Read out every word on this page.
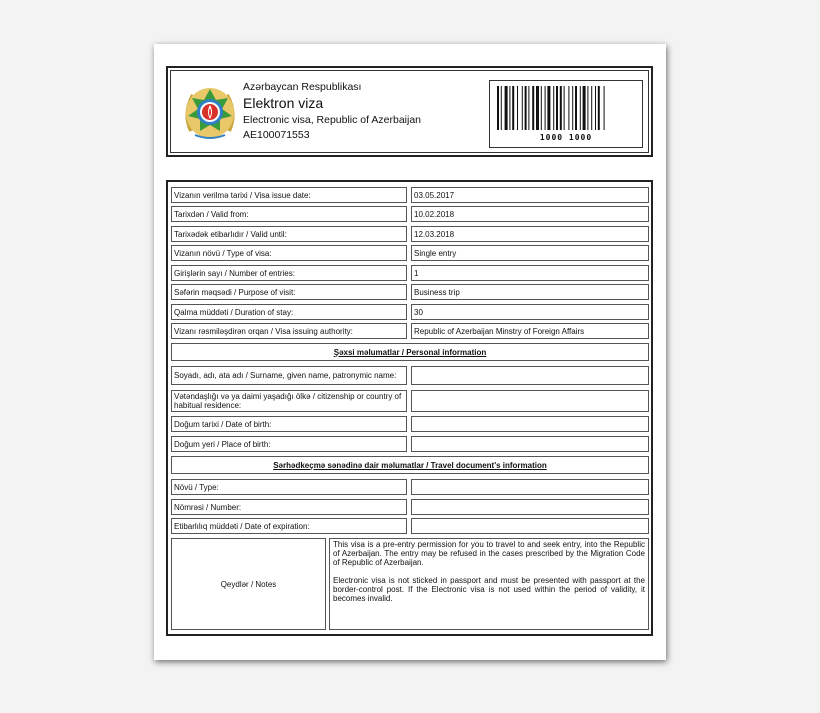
Azərbaycan Respublikası
Elektron viza
Electronic visa, Republic of Azerbaijan
AE100071553	1000 1000
Vizanın verilmə tarixi / Visa issue date:	03.05.2017
Tarixdən / Valid from:	10.02.2018
Tarixədək etibarlıdır / Valid until:	12.03.2018
Vizanın növü / Type of visa:	Single entry
Girişlərin sayı / Number of entries:	1
Səfərin məqsədi / Purpose of visit:	Business trip
Qalma müddəti / Duration of stay:	30
Vizanı rəsmiləşdirən orqan / Visa issuing authority:	Republic of Azerbaijan Minstry of Foreign Affairs
Şəxsi məlumatlar / Personal information
Soyadı, adı, ata adı / Surname, given name, patronymic name:
Vətəndaşlığı və ya daimi yaşadığı ölkə / citizenship or country of habitual residence:
Doğum tarixi / Date of birth:
Doğum yeri / Place of birth:
Sərhədkeçmə sənədinə dair məlumatlar / Travel document's information
Növü / Type:
Nömrəsi / Number:
Etibarlılıq müddəti / Date of expiration:
Qeydlər / Notes

This visa is a pre-entry permission for you to travel to and seek entry, into the Republic of Azerbaijan. The entry may be refused in the cases prescribed by the Migration Code of Republic of Azerbaijan.

Electronic visa is not sticked in passport and must be presented with passport at the border-control post. If the Electronic visa is not used within the period of validity, it becomes invalid.
